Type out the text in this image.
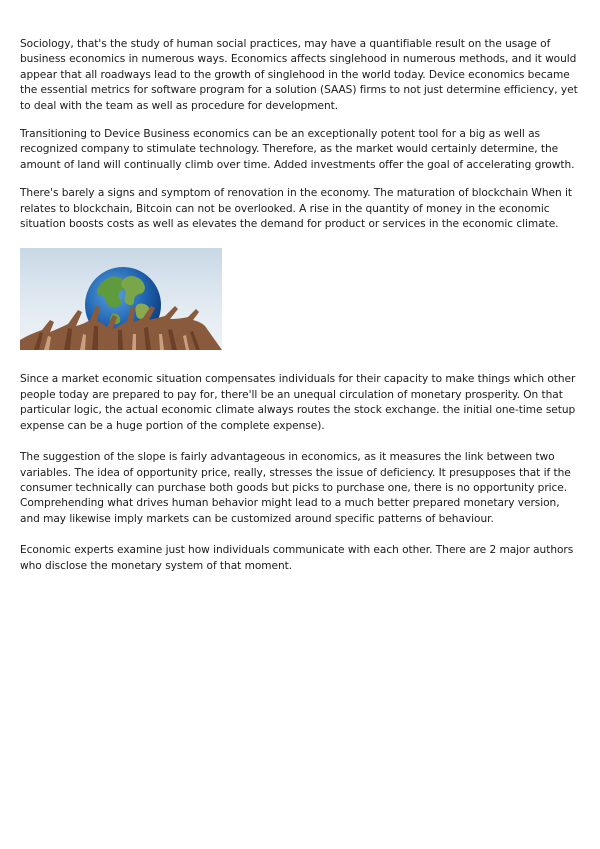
Sociology, that's the study of human social practices, may have a quantifiable result on the usage of business economics in numerous ways. Economics affects singlehood in numerous methods, and it would appear that all roadways lead to the growth of singlehood in the world today. Device economics became the essential metrics for software program for a solution (SAAS) firms to not just determine efficiency, yet to deal with the team as well as procedure for development.

Transitioning to Device Business economics can be an exceptionally potent tool for a big as well as recognized company to stimulate technology. Therefore, as the market would certainly determine, the amount of land will continually climb over time. Added investments offer the goal of accelerating growth.

There's barely a signs and symptom of renovation in the economy. The maturation of blockchain When it relates to blockchain, Bitcoin can not be overlooked. A rise in the quantity of money in the economic situation boosts costs as well as elevates the demand for product or services in the economic climate.

Since a market economic situation compensates individuals for their capacity to make things which other people today are prepared to pay for, there'll be an unequal circulation of monetary prosperity. On that particular logic, the actual economic climate always routes the stock exchange. the initial one-time setup expense can be a huge portion of the complete expense).

The suggestion of the slope is fairly advantageous in economics, as it measures the link between two variables. The idea of opportunity price, really, stresses the issue of deficiency. It presupposes that if the consumer technically can purchase both goods but picks to purchase one, there is no opportunity price. Comprehending what drives human behavior might lead to a much better prepared monetary version, and may likewise imply markets can be customized around specific patterns of behaviour.

Economic experts examine just how individuals communicate with each other. There are 2 major authors who disclose the monetary system of that moment.
